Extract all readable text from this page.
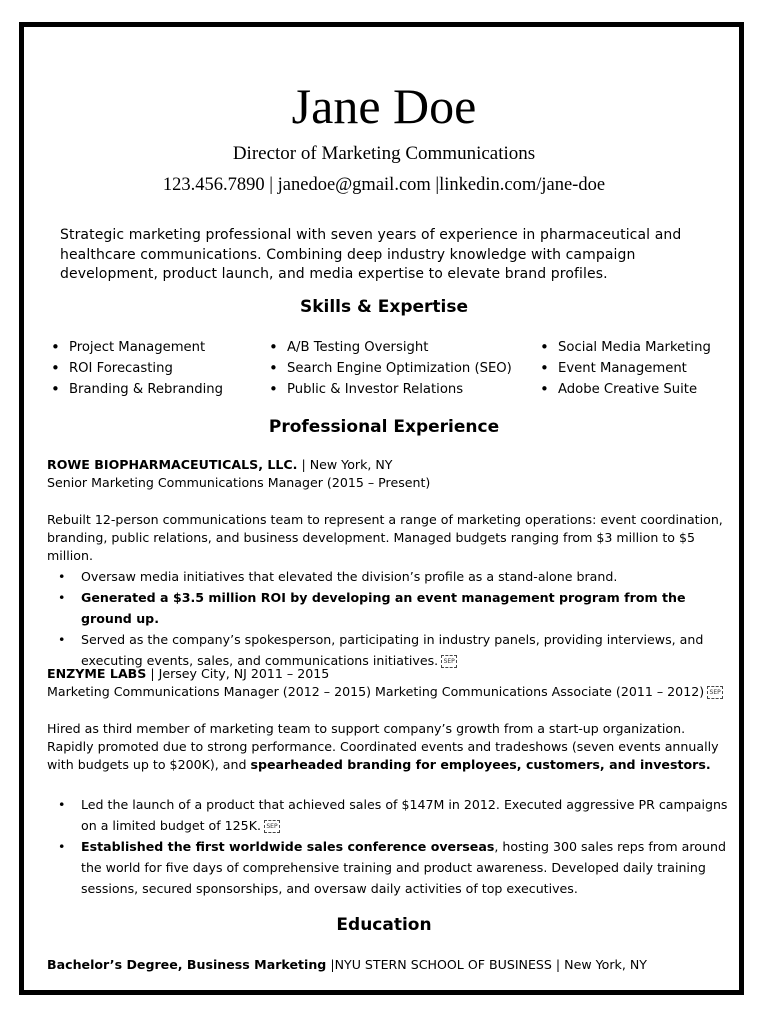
Jane Doe
Director of Marketing Communications
123.456.7890 | janedoe@gmail.com |linkedin.com/jane-doe
Strategic marketing professional with seven years of experience in pharmaceutical and healthcare communications. Combining deep industry knowledge with campaign development, product launch, and media expertise to elevate brand profiles.
Skills & Expertise
• Project Management
• ROI Forecasting
• Branding & Rebranding
• A/B Testing Oversight
• Search Engine Optimization (SEO)
• Public & Investor Relations
• Social Media Marketing
• Event Management
• Adobe Creative Suite
Professional Experience
ROWE BIOPHARMACEUTICALS, LLC. | New York, NY
Senior Marketing Communications Manager (2015 – Present)
Rebuilt 12-person communications team to represent a range of marketing operations: event coordination, branding, public relations, and business development. Managed budgets ranging from $3 million to $5 million.
• Oversaw media initiatives that elevated the division’s profile as a stand-alone brand.
• Generated a $3.5 million ROI by developing an event management program from the ground up.
• Served as the company’s spokesperson, participating in industry panels, providing interviews, and executing events, sales, and communications initiatives. SEP
ENZYME LABS | Jersey City, NJ 2011 – 2015
Marketing Communications Manager (2012 – 2015) Marketing Communications Associate (2011 – 2012) SEP
Hired as third member of marketing team to support company’s growth from a start-up organization. Rapidly promoted due to strong performance. Coordinated events and tradeshows (seven events annually with budgets up to $200K), and spearheaded branding for employees, customers, and investors.
• Led the launch of a product that achieved sales of $147M in 2012. Executed aggressive PR campaigns on a limited budget of 125K. SEP
• Established the first worldwide sales conference overseas, hosting 300 sales reps from around the world for five days of comprehensive training and product awareness. Developed daily training sessions, secured sponsorships, and oversaw daily activities of top executives.
Education
Bachelor’s Degree, Business Marketing |NYU STERN SCHOOL OF BUSINESS | New York, NY
